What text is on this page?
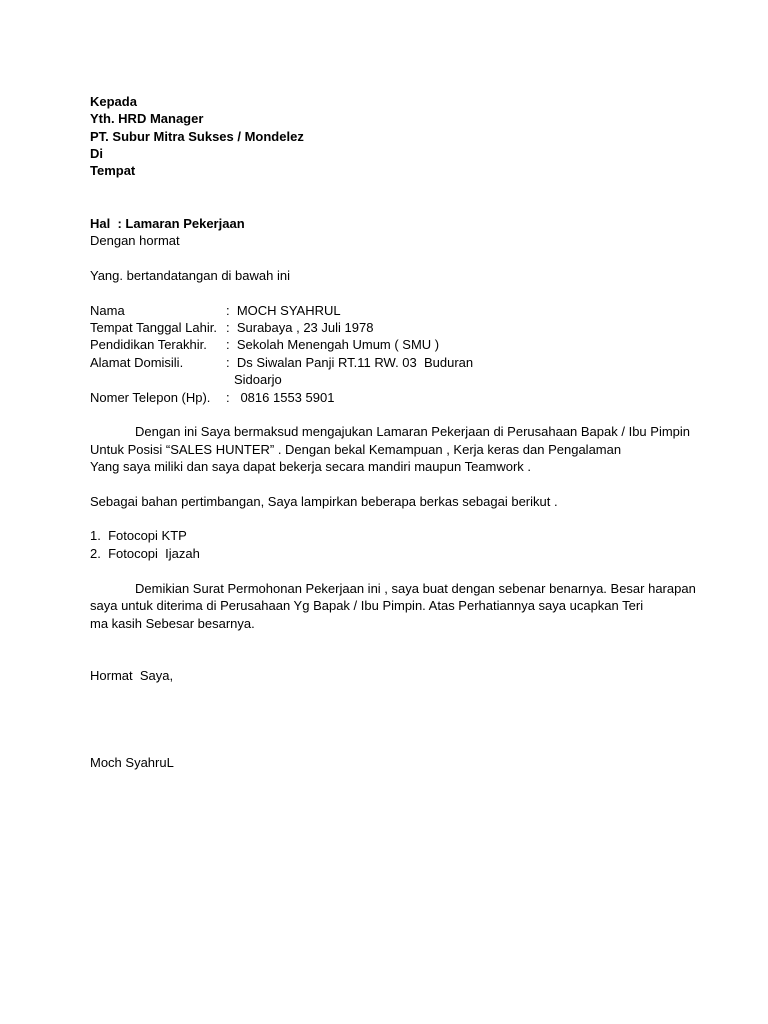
Kepada
Yth. HRD Manager
PT. Subur Mitra Sukses / Mondelez
Di
Tempat
Hal  : Lamaran Pekerjaan
Dengan hormat
Yang. bertandatangan di bawah ini
Nama	:  MOCH SYAHRUL
Tempat Tanggal Lahir. :  Surabaya , 23 Juli 1978
Pendidikan Terakhir. :  Sekolah Menengah Umum ( SMU )
Alamat Domisili.	:  Ds Siwalan Panji RT.11 RW. 03  Buduran
Sidoarjo
Nomer Telepon (Hp). :   0816 1553 5901
Dengan ini Saya bermaksud mengajukan Lamaran Pekerjaan di Perusahaan Bapak / Ibu Pimpin
Untuk Posisi “SALES HUNTER” . Dengan bekal Kemampuan , Kerja keras dan Pengalaman
Yang saya miliki dan saya dapat bekerja secara mandiri maupun Teamwork .
Sebagai bahan pertimbangan, Saya lampirkan beberapa berkas sebagai berikut .
1.  Fotocopi KTP
2.  Fotocopi  Ijazah
Demikian Surat Permohonan Pekerjaan ini , saya buat dengan sebenar benarnya. Besar harapan
saya untuk diterima di Perusahaan Yg Bapak / Ibu Pimpin. Atas Perhatiannya saya ucapkan Teri
ma kasih Sebesar besarnya.
Hormat  Saya,
Moch SyahruL
